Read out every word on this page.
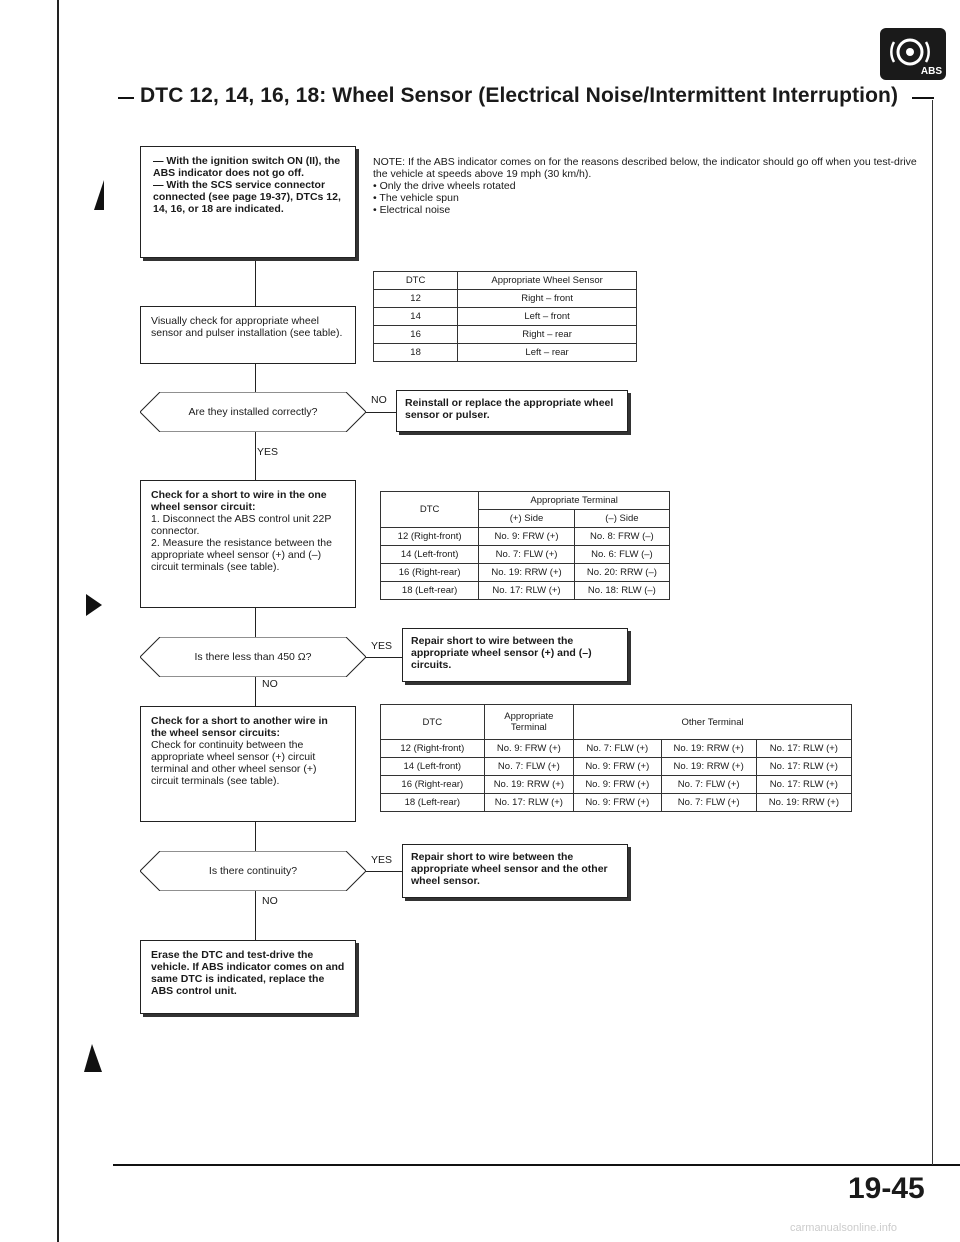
ABS
DTC 12, 14, 16, 18: Wheel Sensor (Electrical Noise/Intermittent Interruption)
— With the ignition switch ON (II), the ABS indicator does not go off.
— With the SCS service connector connected (see page 19-37), DTCs 12, 14, 16, or 18 are indicated.
NOTE: If the ABS indicator comes on for the reasons described below, the indicator should go off when you test-drive the vehicle at speeds above 19 mph (30 km/h).
• Only the drive wheels rotated
• The vehicle spun
• Electrical noise
DTC	Appropriate Wheel Sensor
12	Right – front
14	Left – front
16	Right – rear
18	Left – rear
Visually check for appropriate wheel sensor and pulser installation (see table).
Are they installed correctly?
NO	Reinstall or replace the appropriate wheel sensor or pulser.
YES
Check for a short to wire in the one wheel sensor circuit:
1. Disconnect the ABS control unit 22P connector.
2. Measure the resistance between the appropriate wheel sensor (+) and (–) circuit terminals (see table).
DTC	Appropriate Terminal	
	(+) Side	(–) Side
12 (Right-front)	No. 9: FRW (+)	No. 8: FRW (–)
14 (Left-front)	No. 7: FLW (+)	No. 6: FLW (–)
16 (Right-rear)	No. 19: RRW (+)	No. 20: RRW (–)
18 (Left-rear)	No. 17: RLW (+)	No. 18: RLW (–)
Is there less than 450 Ω?
YES	Repair short to wire between the appropriate wheel sensor (+) and (–) circuits.
NO
Check for a short to another wire in the wheel sensor circuits:
Check for continuity between the appropriate wheel sensor (+) circuit terminal and other wheel sensor (+) circuit terminals (see table).
DTC	Appropriate Terminal	Other Terminal		
12 (Right-front)	No. 9: FRW (+)	No. 7: FLW (+)	No. 19: RRW (+)	No. 17: RLW (+)
14 (Left-front)	No. 7: FLW (+)	No. 9: FRW (+)	No. 19: RRW (+)	No. 17: RLW (+)
16 (Right-rear)	No. 19: RRW (+)	No. 9: FRW (+)	No. 7: FLW (+)	No. 17: RLW (+)
18 (Left-rear)	No. 17: RLW (+)	No. 9: FRW (+)	No. 7: FLW (+)	No. 19: RRW (+)
Is there continuity?
YES	Repair short to wire between the appropriate wheel sensor and the other wheel sensor.
NO
Erase the DTC and test-drive the vehicle. If ABS indicator comes on and same DTC is indicated, replace the ABS control unit.
19-45
carmanualsonline.info
